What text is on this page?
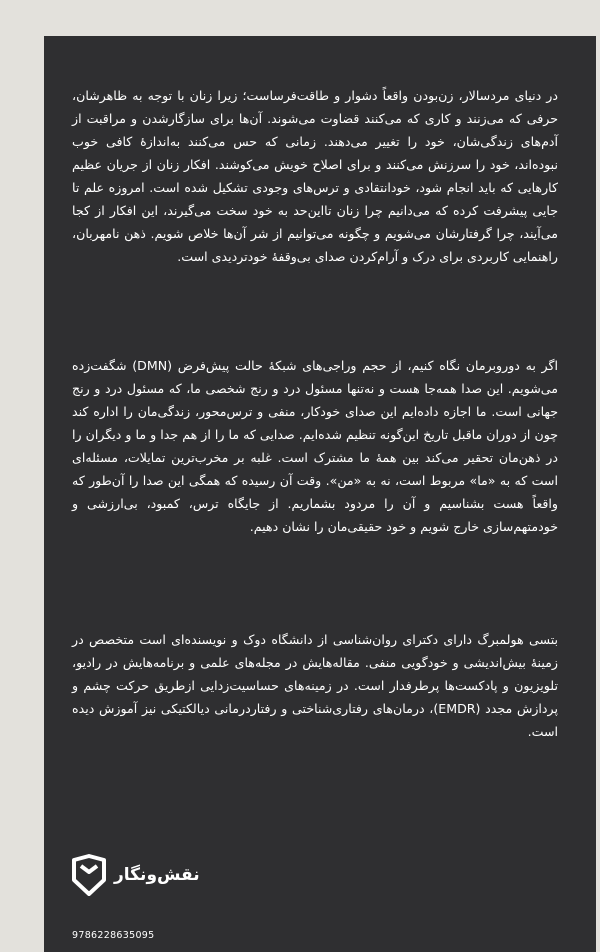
در دنیای مردسالار، زن‌بودن واقعاً دشوار و طاقت‌فرساست؛ زیرا زنان با توجه به ظاهرشان، حرفی که می‌زنند و کاری که می‌کنند قضاوت می‌شوند. آن‌ها برای سازگارشدن و مراقبت از آدم‌های زندگی‌شان، خود را تغییر می‌دهند. زمانی که حس می‌کنند به‌اندازهٔ کافی خوب نبوده‌اند، خود را سرزنش می‌کنند و برای اصلاح خویش می‌کوشند. افکار زنان از جریان عظیم کارهایی که باید انجام شود، خودانتقادی و ترس‌های وجودی تشکیل شده است. امروزه علم تا جایی پیشرفت کرده که می‌دانیم چرا زنان تااین‌حد به خود سخت می‌گیرند، این افکار از کجا می‌آیند، چرا گرفتارشان می‌شویم و چگونه می‌توانیم از شر آن‌ها خلاص شویم. ذهن نامهربان، راهنمایی کاربردی برای درک و آرام‌کردن صدای بی‌وقفهٔ خودتردیدی است.

اگر به دوروبرمان نگاه کنیم، از حجم وراجی‌های شبکهٔ حالت پیش‌فرض (DMN) شگفت‌زده می‌شویم. این صدا همه‌جا هست و نه‌تنها مسئول درد و رنج شخصی ما، که مسئول درد و رنج جهانی است. ما اجازه داده‌ایم این صدای خودکار، منفی و ترس‌محور، زندگی‌مان را اداره کند چون از دوران ماقبل تاریخ این‌گونه تنظیم شده‌ایم. صدایی که ما را از هم جدا و ما و دیگران را در ذهن‌مان تحقیر می‌کند بین همهٔ ما مشترک است. غلبه بر مخرب‌ترین تمایلات، مسئله‌ای است که به «ما» مربوط است، نه به «من». وقت آن رسیده که همگی این صدا را آن‌طور که واقعاً هست بشناسیم و آن را مردود بشماریم. از جایگاه ترس، کمبود، بی‌ارزشی و خودمتهم‌سازی خارج شویم و خود حقیقی‌مان را نشان دهیم.

بتسی هولمبرگ دارای دکترای روان‌شناسی از دانشگاه دوک و نویسنده‌ای است متخصص در زمینهٔ بیش‌اندیشی و خودگویی منفی. مقاله‌هایش در مجله‌های علمی و برنامه‌هایش در رادیو، تلویزیون و پادکست‌ها پرطرفدار است. در زمینه‌های حساسیت‌زدایی ازطریق حرکت چشم و پردازش مجدد (EMDR)، درمان‌های رفتاری‌شناختی و رفتاردرمانی دیالکتیکی نیز آموزش دیده است.

نقش‌ونگار
9786228635095
